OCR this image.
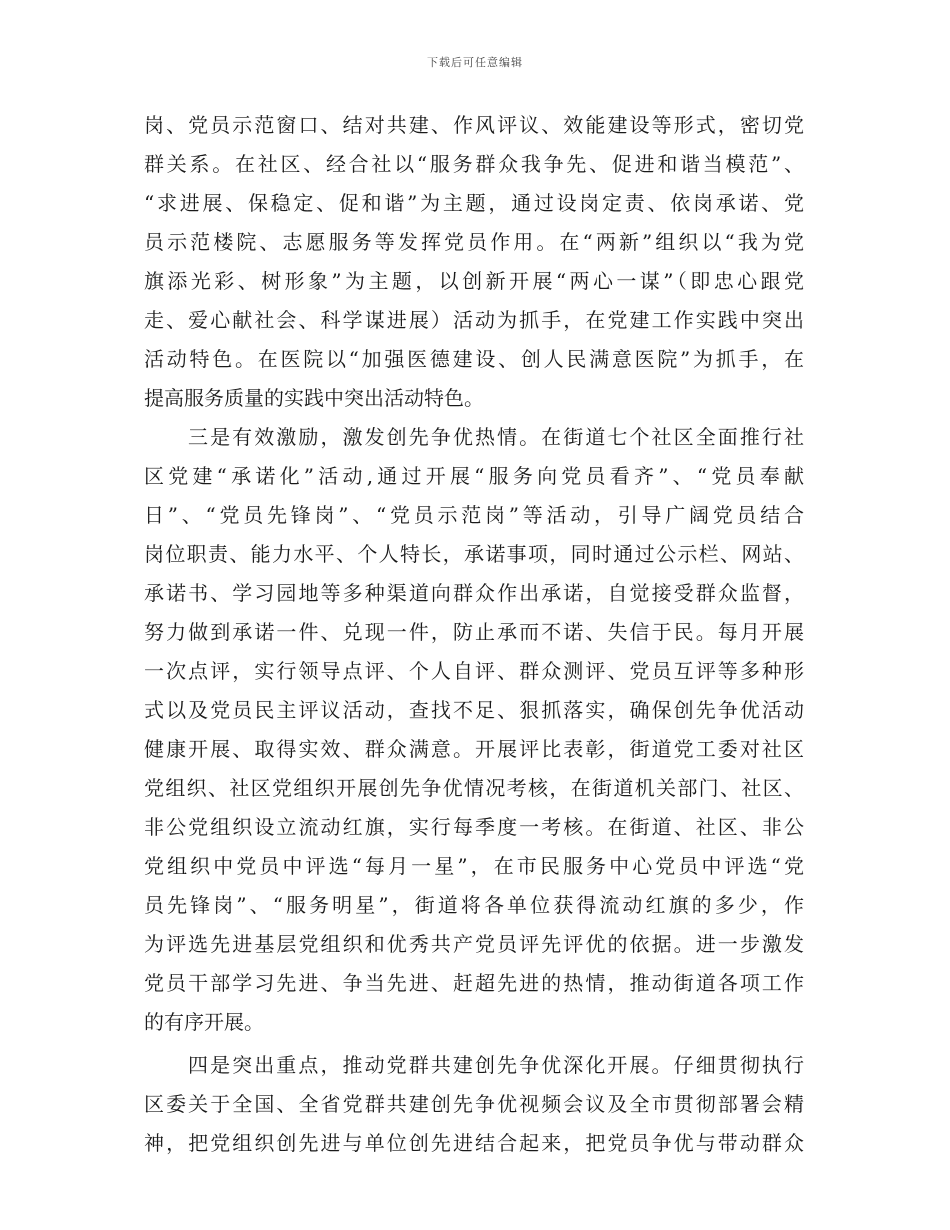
下载后可任意编辑
岗、党员示范窗口、结对共建、作风评议、效能建设等形式，密切党
群关系。在社区、经合社以“服务群众我争先、促进和谐当模范”、
“求进展、保稳定、促和谐”为主题，通过设岗定责、依岗承诺、党
员示范楼院、志愿服务等发挥党员作用。在“两新”组织以“我为党
旗添光彩、树形象”为主题，以创新开展“两心一谋”（即忠心跟党
走、爱心献社会、科学谋进展）活动为抓手，在党建工作实践中突出
活动特色。在医院以“加强医德建设、创人民满意医院”为抓手，在
提高服务质量的实践中突出活动特色。
三是有效激励，激发创先争优热情。在街道七个社区全面推行社
区党建“承诺化”活动,通过开展“服务向党员看齐”、“党员奉献
日”、“党员先锋岗”、“党员示范岗”等活动，引导广阔党员结合
岗位职责、能力水平、个人特长，承诺事项，同时通过公示栏、网站、
承诺书、学习园地等多种渠道向群众作出承诺，自觉接受群众监督，
努力做到承诺一件、兑现一件，防止承而不诺、失信于民。每月开展
一次点评，实行领导点评、个人自评、群众测评、党员互评等多种形
式以及党员民主评议活动，查找不足、狠抓落实，确保创先争优活动
健康开展、取得实效、群众满意。开展评比表彰，街道党工委对社区
党组织、社区党组织开展创先争优情况考核，在街道机关部门、社区、
非公党组织设立流动红旗，实行每季度一考核。在街道、社区、非公
党组织中党员中评选“每月一星”，在市民服务中心党员中评选“党
员先锋岗”、“服务明星”，街道将各单位获得流动红旗的多少，作
为评选先进基层党组织和优秀共产党员评先评优的依据。进一步激发
党员干部学习先进、争当先进、赶超先进的热情，推动街道各项工作
的有序开展。
四是突出重点，推动党群共建创先争优深化开展。仔细贯彻执行
区委关于全国、全省党群共建创先争优视频会议及全市贯彻部署会精
神，把党组织创先进与单位创先进结合起来，把党员争优与带动群众
